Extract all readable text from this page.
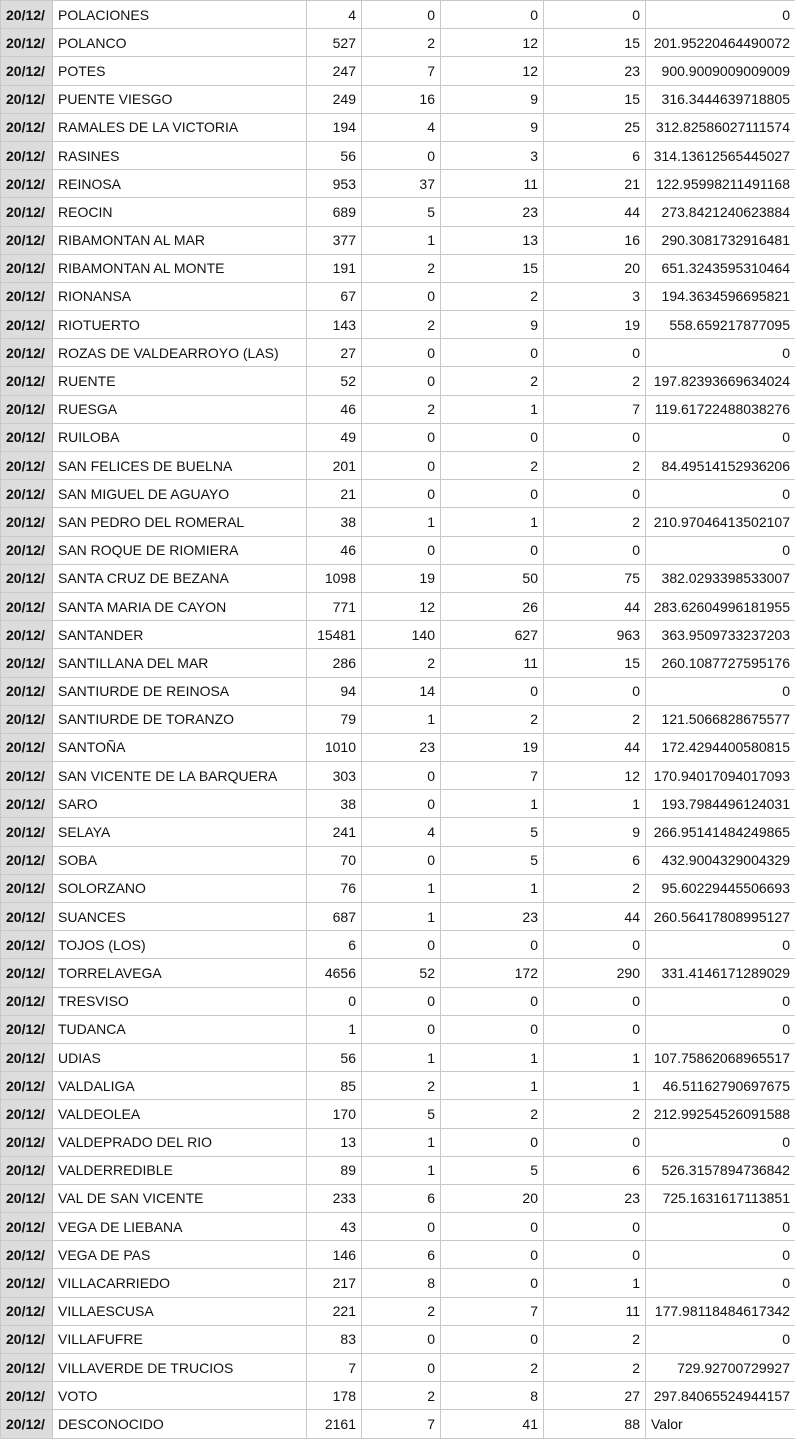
20/12/	POLACIONES	4	0	0	0	0
20/12/	POLANCO	527	2	12	15	201.95220464490072
20/12/	POTES	247	7	12	23	900.9009009009009
20/12/	PUENTE VIESGO	249	16	9	15	316.3444639718805
20/12/	RAMALES DE LA VICTORIA	194	4	9	25	312.82586027111574
20/12/	RASINES	56	0	3	6	314.13612565445027
20/12/	REINOSA	953	37	11	21	122.95998211491168
20/12/	REOCIN	689	5	23	44	273.8421240623884
20/12/	RIBAMONTAN AL MAR	377	1	13	16	290.3081732916481
20/12/	RIBAMONTAN AL MONTE	191	2	15	20	651.3243595310464
20/12/	RIONANSA	67	0	2	3	194.3634596695821
20/12/	RIOTUERTO	143	2	9	19	558.659217877095
20/12/	ROZAS DE VALDEARROYO (LAS)	27	0	0	0	0
20/12/	RUENTE	52	0	2	2	197.82393669634024
20/12/	RUESGA	46	2	1	7	119.61722488038276
20/12/	RUILOBA	49	0	0	0	0
20/12/	SAN FELICES DE BUELNA	201	0	2	2	84.49514152936206
20/12/	SAN MIGUEL DE AGUAYO	21	0	0	0	0
20/12/	SAN PEDRO DEL ROMERAL	38	1	1	2	210.97046413502107
20/12/	SAN ROQUE DE RIOMIERA	46	0	0	0	0
20/12/	SANTA CRUZ DE BEZANA	1098	19	50	75	382.0293398533007
20/12/	SANTA MARIA DE CAYON	771	12	26	44	283.62604996181955
20/12/	SANTANDER	15481	140	627	963	363.9509733237203
20/12/	SANTILLANA DEL MAR	286	2	11	15	260.1087727595176
20/12/	SANTIURDE DE REINOSA	94	14	0	0	0
20/12/	SANTIURDE DE TORANZO	79	1	2	2	121.5066828675577
20/12/	SANTOÑA	1010	23	19	44	172.4294400580815
20/12/	SAN VICENTE DE LA BARQUERA	303	0	7	12	170.94017094017093
20/12/	SARO	38	0	1	1	193.7984496124031
20/12/	SELAYA	241	4	5	9	266.95141484249865
20/12/	SOBA	70	0	5	6	432.9004329004329
20/12/	SOLORZANO	76	1	1	2	95.60229445506693
20/12/	SUANCES	687	1	23	44	260.56417808995127
20/12/	TOJOS (LOS)	6	0	0	0	0
20/12/	TORRELAVEGA	4656	52	172	290	331.4146171289029
20/12/	TRESVISO	0	0	0	0	0
20/12/	TUDANCA	1	0	0	0	0
20/12/	UDIAS	56	1	1	1	107.75862068965517
20/12/	VALDALIGA	85	2	1	1	46.51162790697675
20/12/	VALDEOLEA	170	5	2	2	212.99254526091588
20/12/	VALDEPRADO DEL RIO	13	1	0	0	0
20/12/	VALDERREDIBLE	89	1	5	6	526.3157894736842
20/12/	VAL DE SAN VICENTE	233	6	20	23	725.1631617113851
20/12/	VEGA DE LIEBANA	43	0	0	0	0
20/12/	VEGA DE PAS	146	6	0	0	0
20/12/	VILLACARRIEDO	217	8	0	1	0
20/12/	VILLAESCUSA	221	2	7	11	177.98118484617342
20/12/	VILLAFUFRE	83	0	0	2	0
20/12/	VILLAVERDE DE TRUCIOS	7	0	2	2	729.92700729927
20/12/	VOTO	178	2	8	27	297.84065524944157
20/12/	DESCONOCIDO	2161	7	41	88	Valor
